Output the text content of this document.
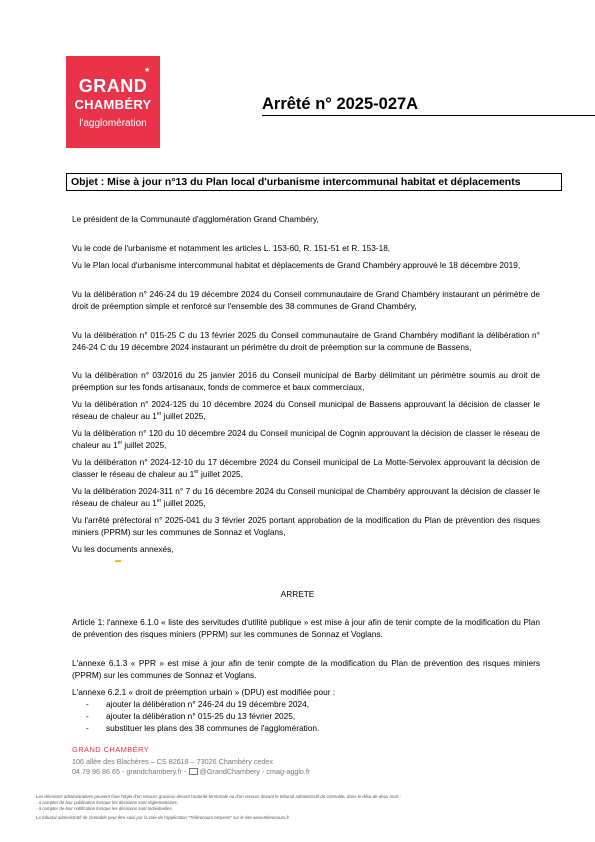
★
GRAND
CHAMBÉRY
l'agglomération
Arrêté n° 2025-027A
Objet : Mise à jour n°13 du Plan local d'urbanisme intercommunal habitat et déplacements
Le président de la Communauté d'agglomération Grand Chambéry,
Vu le code de l'urbanisme et notamment les articles L. 153-60, R. 151-51 et R. 153-18,
Vu le Plan local d'urbanisme intercommunal habitat et déplacements de Grand Chambéry approuvé le 18 décembre 2019,
Vu la délibération n° 246-24 du 19 décembre 2024 du Conseil communautaire de Grand Chambéry instaurant un périmètre de droit de préemption simple et renforcé sur l'ensemble des 38 communes de Grand Chambéry,
Vu la délibération n° 015-25 C du 13 février 2025 du Conseil communautaire de Grand Chambéry modifiant la délibération n° 246-24 C du 19 décembre 2024 instaurant un périmètre du droit de préemption sur la commune de Bassens,
Vu la délibération n° 03/2016 du 25 janvier 2016 du Conseil municipal de Barby délimitant un périmètre soumis au droit de préemption sur les fonds artisanaux, fonds de commerce et baux commerciaux,
Vu la délibération n° 2024-125 du 10 décembre 2024 du Conseil municipal de Bassens approuvant la décision de classer le réseau de chaleur au 1er juillet 2025,
Vu la délibération n° 120 du 10 décembre 2024 du Conseil municipal de Cognin approuvant la décision de classer le réseau de chaleur au 1er juillet 2025,
Vu la délibération n° 2024-12-10 du 17 décembre 2024 du Conseil municipal de La Motte-Servolex approuvant la décision de classer le réseau de chaleur au 1er juillet 2025,
Vu la délibération 2024-311 n° 7 du 16 décembre 2024 du Conseil municipal de Chambéry approuvant la décision de classer le réseau de chaleur au 1er juillet 2025,
Vu l'arrêté préfectoral n° 2025-041 du 3 février 2025 portant approbation de la modification du Plan de prévention des risques miniers (PPRM) sur les communes de Sonnaz et Voglans,
Vu les documents annexés,
▬
ARRETE
Article 1: l'annexe 6.1.0 « liste des servitudes d'utilité publique » est mise à jour afin de tenir compte de la modification du Plan de prévention des risques miniers (PPRM) sur les communes de Sonnaz et Voglans.
L'annexe 6.1.3 « PPR » est mise à jour afin de tenir compte de la modification du Plan de prévention des risques miniers (PPRM) sur les communes de Sonnaz et Voglans.
L'annexe 6.2.1 « droit de préemption urbain » (DPU) est modifiée pour :
- ajouter la délibération n° 246-24 du 19 décembre 2024,
- ajouter la délibération n° 015-25 du 13 février 2025,
- substituer les plans des 38 communes de l'agglomération.
GRAND CHAMBÉRY
106 allée des Blachères – CS 82618 – 73026 Chambéry cedex
04 79 96 86 65 - grandchambery.fr - @GrandChambery - cmag-agglo.fr
Les décisions administratives peuvent faire l'objet d'un recours gracieux devant l'autorité territoriale ou d'un recours devant le tribunal administratif de Grenoble, dans le délai de deux mois :
- à compter de leur publication lorsque les décisions sont réglementaires,
- à compter de leur notification lorsque les décisions sont individuelles.
Le tribunal administratif de Grenoble peut être saisi par la voie de l'application "Télérecours citoyens" sur le site www.telerecours.fr
